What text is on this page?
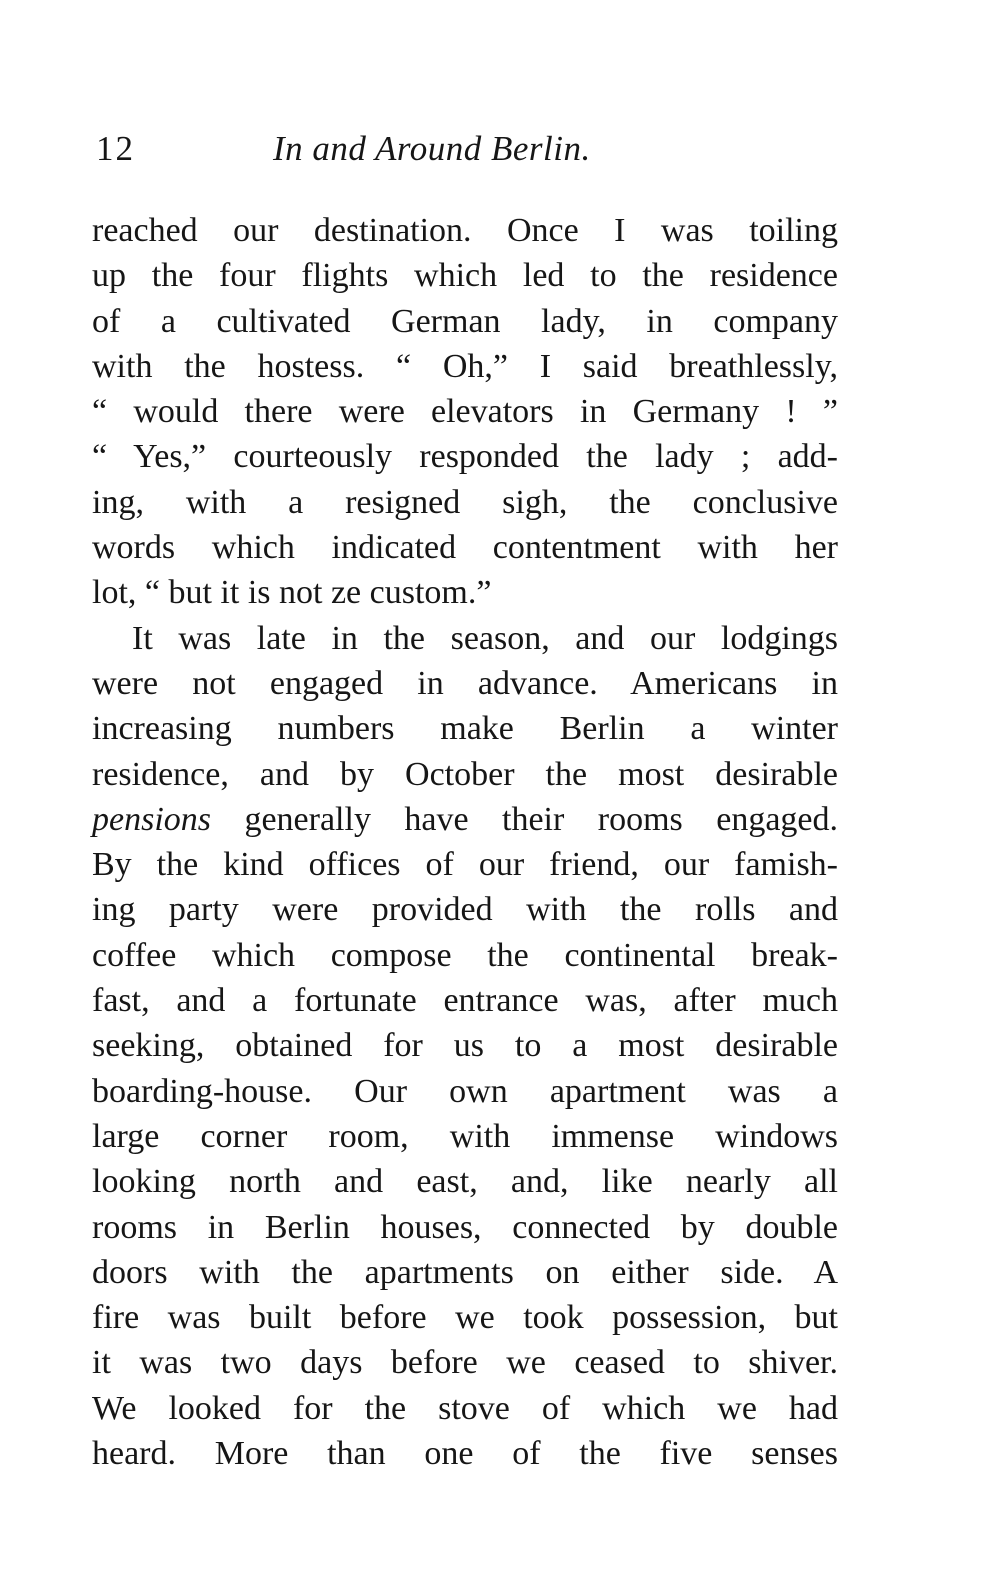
12	In and Around Berlin.
reached our destination. Once I was toiling
up the four flights which led to the residence
of a cultivated German lady, in company
with the hostess. “ Oh,” I said breathlessly,
“ would there were elevators in Germany ! ”
“ Yes,” courteously responded the lady ; add-
ing, with a resigned sigh, the conclusive
words which indicated contentment with her
lot, “ but it is not ze custom.”
It was late in the season, and our lodgings
were not engaged in advance. Americans in
increasing numbers make Berlin a winter
residence, and by October the most desirable
pensions generally have their rooms engaged.
By the kind offices of our friend, our famish-
ing party were provided with the rolls and
coffee which compose the continental break-
fast, and a fortunate entrance was, after much
seeking, obtained for us to a most desirable
boarding-house. Our own apartment was a
large corner room, with immense windows
looking north and east, and, like nearly all
rooms in Berlin houses, connected by double
doors with the apartments on either side. A
fire was built before we took possession, but
it was two days before we ceased to shiver.
We looked for the stove of which we had
heard. More than one of the five senses
